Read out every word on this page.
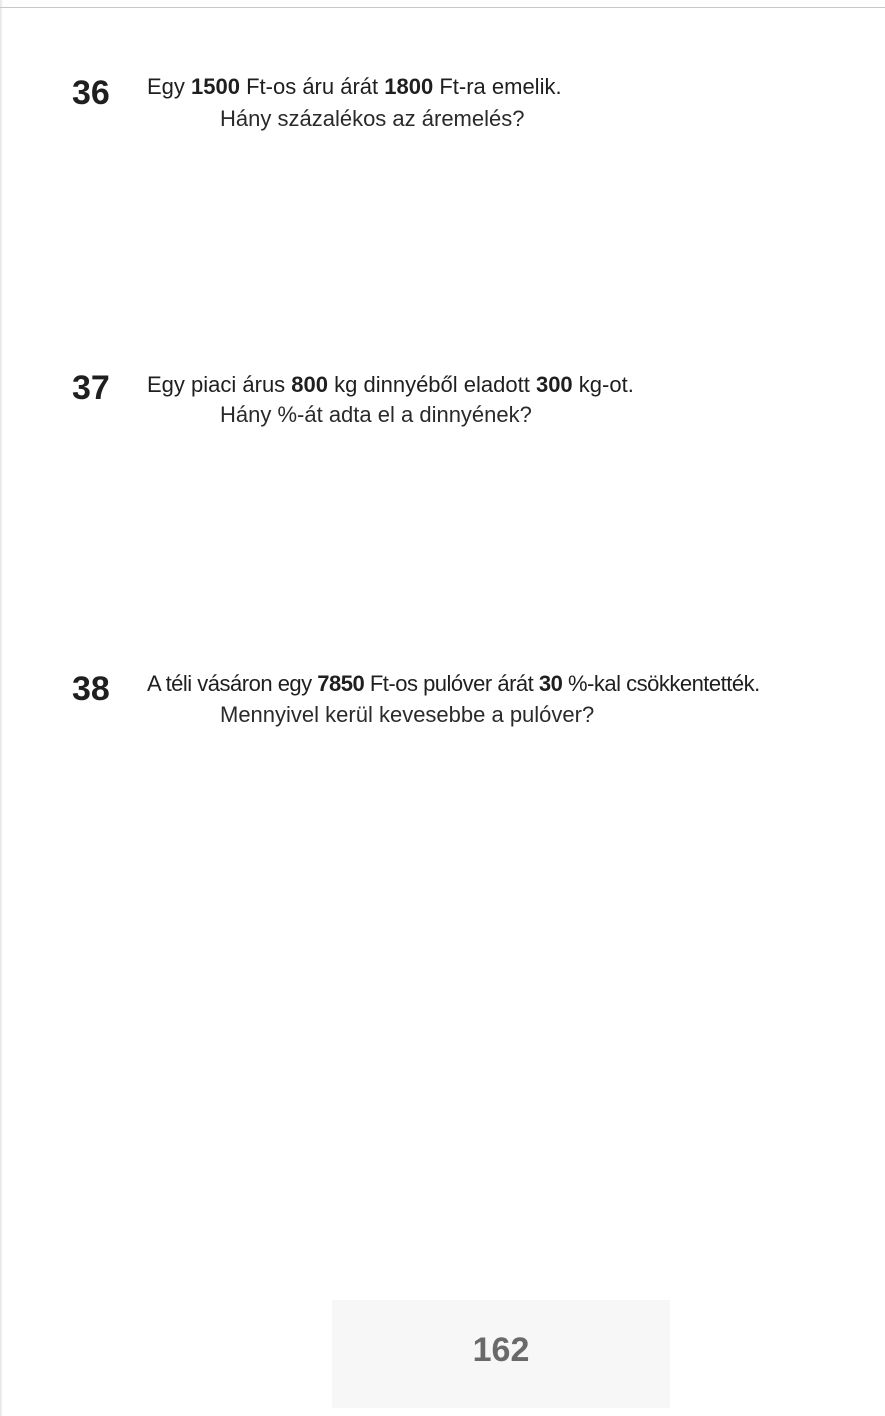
36 Egy 1500 Ft-os áru árát 1800 Ft-ra emelik.
Hány százalékos az áremelés?
37 Egy piaci árus 800 kg dinnyéből eladott 300 kg-ot.
Hány %-át adta el a dinnyének?
38 A téli vásáron egy 7850 Ft-os pulóver árát 30 %-kal csökkentették.
Mennyivel kerül kevesebbe a pulóver?
162
